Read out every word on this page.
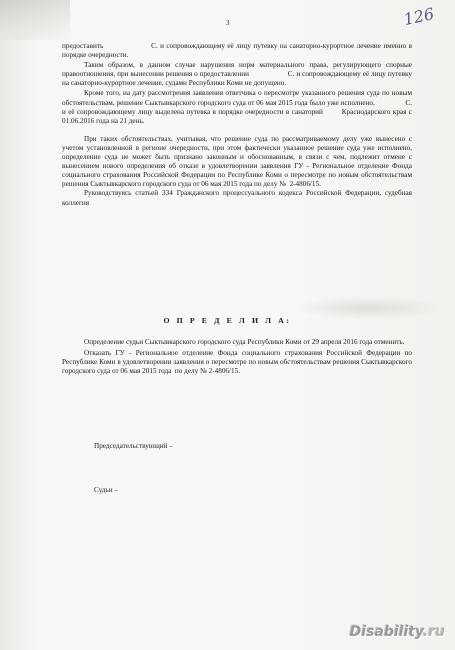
3	126

предоставить                    С. и сопровождающему её лицу путевку на санаторно-курортное лечение именно в порядке очередности.

Таким образом, в данном случае нарушения норм материального права, регулирующего спорные правоотношения, при вынесении решения о предоставлении                    С. и сопровождающему её лицу путевку на санаторно-курортное лечение, судами Республики Коми не допущено.

Кроме того, на дату рассмотрения заявления ответчика о пересмотре указанного решения суда по новым обстоятельствам, решение Сыктывкарского городского суда от 06 мая 2015 года было уже исполнено,                С. и её сопровождающему лицу выделена путевка в порядке очередности в санаторий        Краснодарского края с 01.06.2016 года на 21 день.

При таких обстоятельствах, учитывая, что решение суда по рассматриваемому делу уже вынесено с учетом установленной в регионе очередности, при этом фактически указанное решение суда уже исполнено, определение суда не может быть признано законным и обоснованным, в связи с чем, подлежит отмене с вынесением нового определения об отказе в удовлетворении заявления ГУ - Региональное отделение Фонда социального страхования Российской Федерации по Республике Коми о пересмотре по новым обстоятельствам решения Сыктывкарского городского суда от 06 мая 2015 года по делу №  2-4806/15.

Руководствуясь статьей 334 Гражданского процессуального кодекса Российской Федерации, судебная коллегия

О П Р Е Д Е Л И Л А:

Определение судьи Сыктывкарского городского суда Республики Коми от 29 апреля 2016 года отменить.

Отказать ГУ - Региональное отделение Фонда социального страхования Российской Федерации по Республике Коми в удовлетворении заявления о пересмотре по новым обстоятельствам решения Сыктывкарского городского суда от 06 мая 2015 года  по делу № 2-4806/15.

Председательствующий –
Судьи –
Disability.ru
